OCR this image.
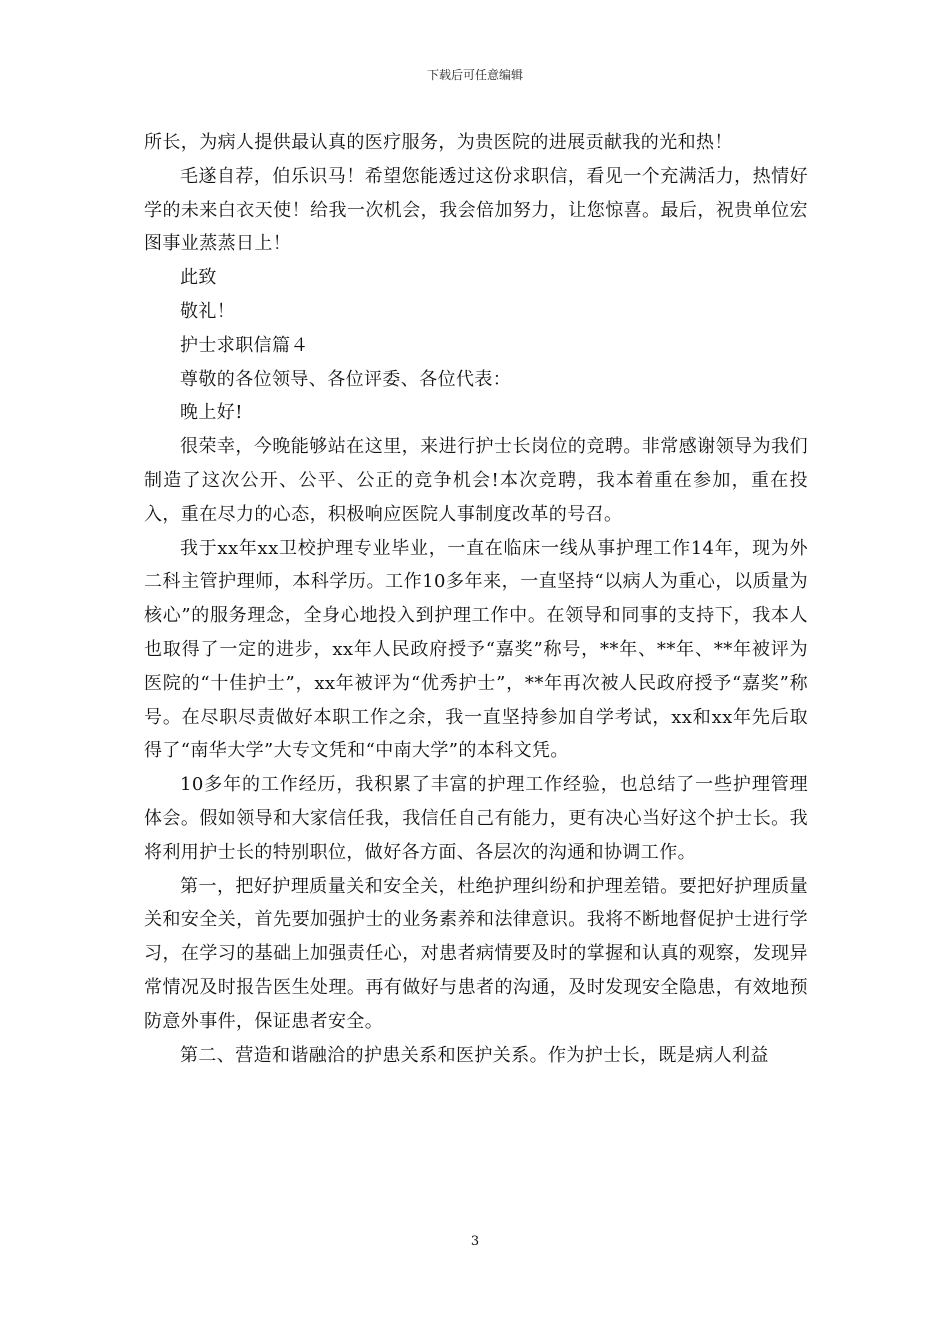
下载后可任意编辑

所长，为病人提供最认真的医疗服务，为贵医院的进展贡献我的光和热！

毛遂自荐，伯乐识马！希望您能透过这份求职信，看见一个充满活力，热情好学的未来白衣天使！给我一次机会，我会倍加努力，让您惊喜。最后，祝贵单位宏图事业蒸蒸日上！

此致

敬礼！

护士求职信篇４

尊敬的各位领导、各位评委、各位代表：

晚上好!

很荣幸，今晚能够站在这里，来进行护士长岗位的竞聘。非常感谢领导为我们制造了这次公开、公平、公正的竞争机会!本次竞聘，我本着重在参加，重在投入，重在尽力的心态，积极响应医院人事制度改革的号召。

我于xx年xx卫校护理专业毕业，一直在临床一线从事护理工作14年，现为外二科主管护理师，本科学历。工作10多年来，一直坚持“以病人为重心，以质量为核心”的服务理念，全身心地投入到护理工作中。在领导和同事的支持下，我本人也取得了一定的进步，xx年人民政府授予“嘉奖”称号，**年、**年、**年被评为医院的“十佳护士”，xx年被评为“优秀护士”，**年再次被人民政府授予“嘉奖”称号。在尽职尽责做好本职工作之余，我一直坚持参加自学考试，xx和xx年先后取得了“南华大学”大专文凭和“中南大学”的本科文凭。

10多年的工作经历，我积累了丰富的护理工作经验，也总结了一些护理管理体会。假如领导和大家信任我，我信任自己有能力，更有决心当好这个护士长。我将利用护士长的特别职位，做好各方面、各层次的沟通和协调工作。

第一，把好护理质量关和安全关，杜绝护理纠纷和护理差错。要把好护理质量关和安全关，首先要加强护士的业务素养和法律意识。我将不断地督促护士进行学习，在学习的基础上加强责任心，对患者病情要及时的掌握和认真的观察，发现异常情况及时报告医生处理。再有做好与患者的沟通，及时发现安全隐患，有效地预防意外事件，保证患者安全。

第二、营造和谐融洽的护患关系和医护关系。作为护士长，既是病人利益

3
